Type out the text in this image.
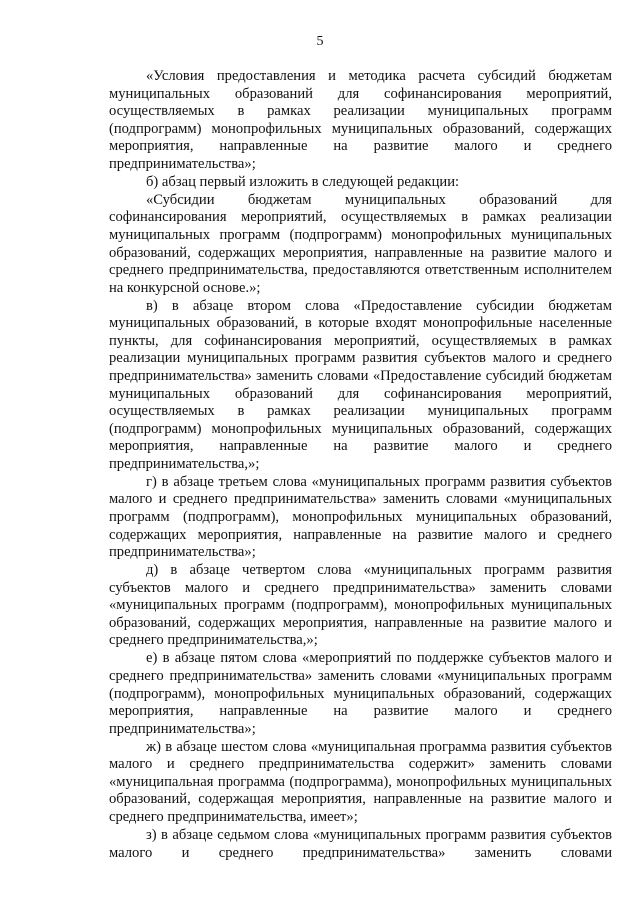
5

«Условия предоставления и методика расчета субсидий бюджетам муниципальных образований для софинансирования мероприятий, осуществляемых в рамках реализации муниципальных программ (подпрограмм) монопрофильных муниципальных образований, содержащих мероприятия, направленные на развитие малого и среднего предпринимательства»;

б) абзац первый изложить в следующей редакции:

«Субсидии бюджетам муниципальных образований для софинансирования мероприятий, осуществляемых в рамках реализации муниципальных программ (подпрограмм) монопрофильных муниципальных образований, содержащих мероприятия, направленные на развитие малого и среднего предпринимательства, предоставляются ответственным исполнителем на конкурсной основе.»;

в) в абзаце втором слова «Предоставление субсидии бюджетам муниципальных образований, в которые входят монопрофильные населенные пункты, для софинансирования мероприятий, осуществляемых в рамках реализации муниципальных программ развития субъектов малого и среднего предпринимательства» заменить словами «Предоставление субсидий бюджетам муниципальных образований для софинансирования мероприятий, осуществляемых в рамках реализации муниципальных программ (подпрограмм) монопрофильных муниципальных образований, содержащих мероприятия, направленные на развитие малого и среднего предпринимательства,»;

г) в абзаце третьем слова «муниципальных программ развития субъектов малого и среднего предпринимательства» заменить словами «муниципальных программ (подпрограмм), монопрофильных муниципальных образований, содержащих мероприятия, направленные на развитие малого и среднего предпринимательства»;

д) в абзаце четвертом слова «муниципальных программ развития субъектов малого и среднего предпринимательства» заменить словами «муниципальных программ (подпрограмм), монопрофильных муниципальных образований, содержащих мероприятия, направленные на развитие малого и среднего предпринимательства,»;

е) в абзаце пятом слова «мероприятий по поддержке субъектов малого и среднего предпринимательства» заменить словами «муниципальных программ (подпрограмм), монопрофильных муниципальных образований, содержащих мероприятия, направленные на развитие малого и среднего предпринимательства»;

ж) в абзаце шестом слова «муниципальная программа развития субъектов малого и среднего предпринимательства содержит» заменить словами «муниципальная программа (подпрограмма), монопрофильных муниципальных образований, содержащая мероприятия, направленные на развитие малого и среднего предпринимательства, имеет»;

з) в абзаце седьмом слова «муниципальных программ развития субъектов малого и среднего предпринимательства» заменить словами
